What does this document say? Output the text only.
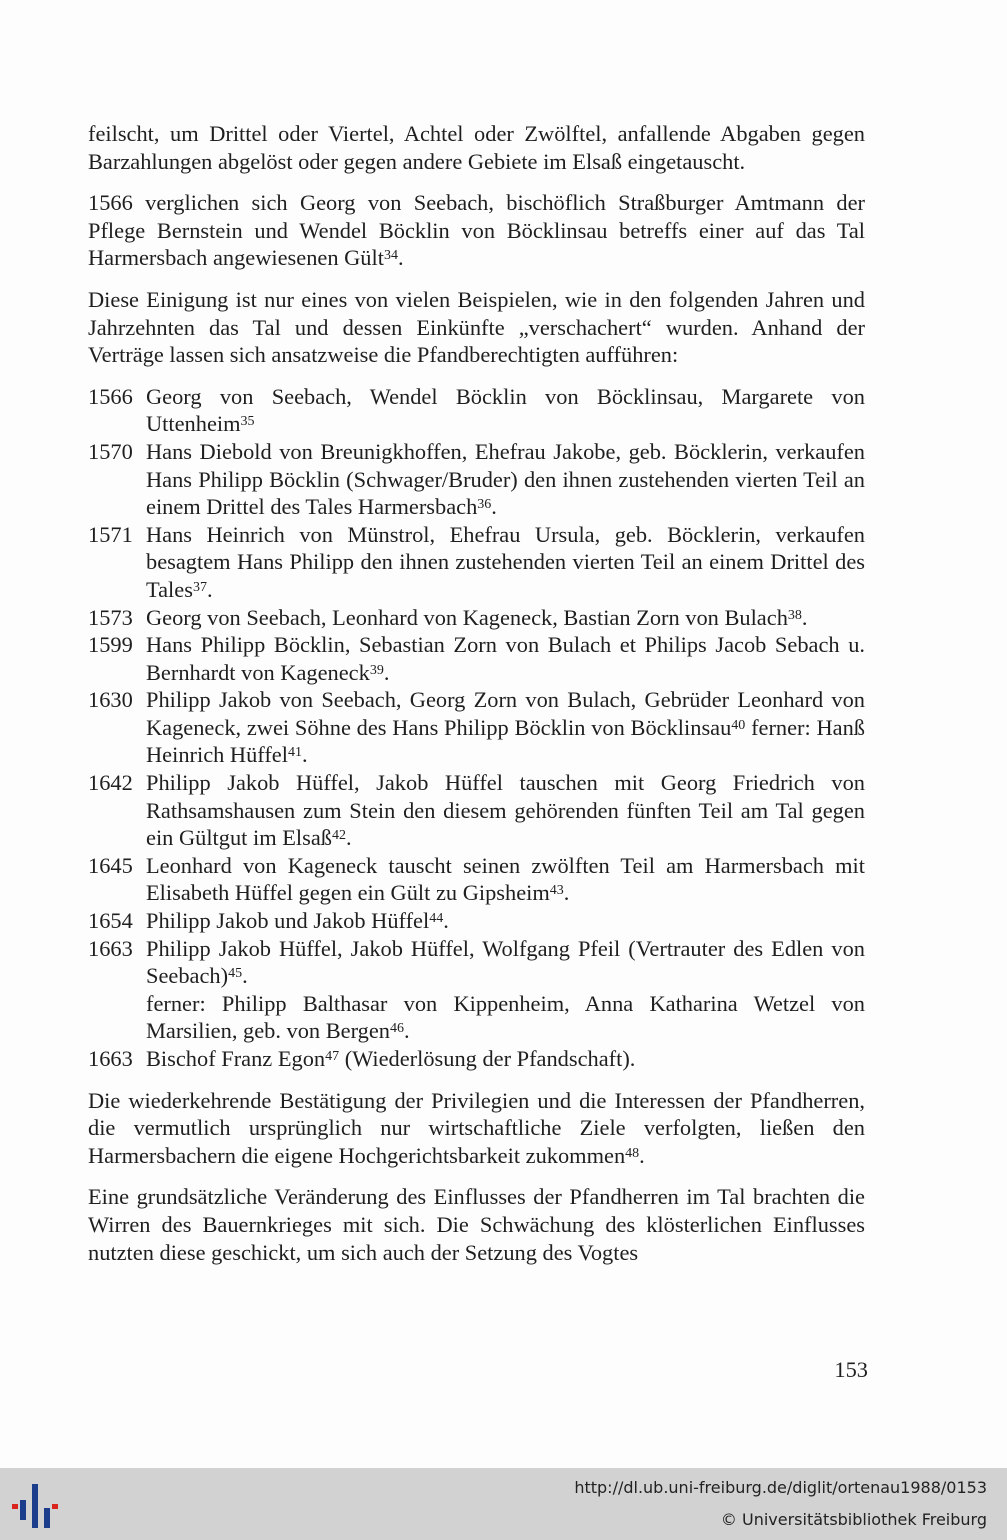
feilscht, um Drittel oder Viertel, Achtel oder Zwölftel, anfallende Abgaben gegen Barzahlungen abgelöst oder gegen andere Gebiete im Elsaß eingetauscht.

1566 verglichen sich Georg von Seebach, bischöflich Straßburger Amtmann der Pflege Bernstein und Wendel Böcklin von Böcklinsau betreffs einer auf das Tal Harmersbach angewiesenen Gült$^{34}$.

Diese Einigung ist nur eines von vielen Beispielen, wie in den folgenden Jahren und Jahrzehnten das Tal und dessen Einkünfte „verschachert“ wurden. Anhand der Verträge lassen sich ansatzweise die Pfandberechtigten aufführen:

1566 Georg von Seebach, Wendel Böcklin von Böcklinsau, Margarete von Uttenheim$^{35}$
1570 Hans Diebold von Breunigkhoffen, Ehefrau Jakobe, geb. Böcklerin, verkaufen Hans Philipp Böcklin (Schwager/Bruder) den ihnen zustehenden vierten Teil an einem Drittel des Tales Harmersbach$^{36}$.
1571 Hans Heinrich von Münstrol, Ehefrau Ursula, geb. Böcklerin, verkaufen besagtem Hans Philipp den ihnen zustehenden vierten Teil an einem Drittel des Tales$^{37}$.
1573 Georg von Seebach, Leonhard von Kageneck, Bastian Zorn von Bulach$^{38}$.
1599 Hans Philipp Böcklin, Sebastian Zorn von Bulach et Philips Jacob Sebach u. Bernhardt von Kageneck$^{39}$.
1630 Philipp Jakob von Seebach, Georg Zorn von Bulach, Gebrüder Leonhard von Kageneck, zwei Söhne des Hans Philipp Böcklin von Böcklinsau$^{40}$ ferner: Hanß Heinrich Hüffel$^{41}$.
1642 Philipp Jakob Hüffel, Jakob Hüffel tauschen mit Georg Friedrich von Rathsamshausen zum Stein den diesem gehörenden fünften Teil am Tal gegen ein Gültgut im Elsaß$^{42}$.
1645 Leonhard von Kageneck tauscht seinen zwölften Teil am Harmersbach mit Elisabeth Hüffel gegen ein Gült zu Gipsheim$^{43}$.
1654 Philipp Jakob und Jakob Hüffel$^{44}$.
1663 Philipp Jakob Hüffel, Jakob Hüffel, Wolfgang Pfeil (Vertrauter des Edlen von Seebach)$^{45}$.
ferner: Philipp Balthasar von Kippenheim, Anna Katharina Wetzel von Marsilien, geb. von Bergen$^{46}$.
1663 Bischof Franz Egon$^{47}$ (Wiederlösung der Pfandschaft).

Die wiederkehrende Bestätigung der Privilegien und die Interessen der Pfandherren, die vermutlich ursprünglich nur wirtschaftliche Ziele verfolgten, ließen den Harmersbachern die eigene Hochgerichtsbarkeit zukommen$^{48}$.

Eine grundsätzliche Veränderung des Einflusses der Pfandherren im Tal brachten die Wirren des Bauernkrieges mit sich. Die Schwächung des klösterlichen Einflusses nutzten diese geschickt, um sich auch der Setzung des Vogtes

153
http://dl.ub.uni-freiburg.de/diglit/ortenau1988/0153
© Universitätsbibliothek Freiburg
